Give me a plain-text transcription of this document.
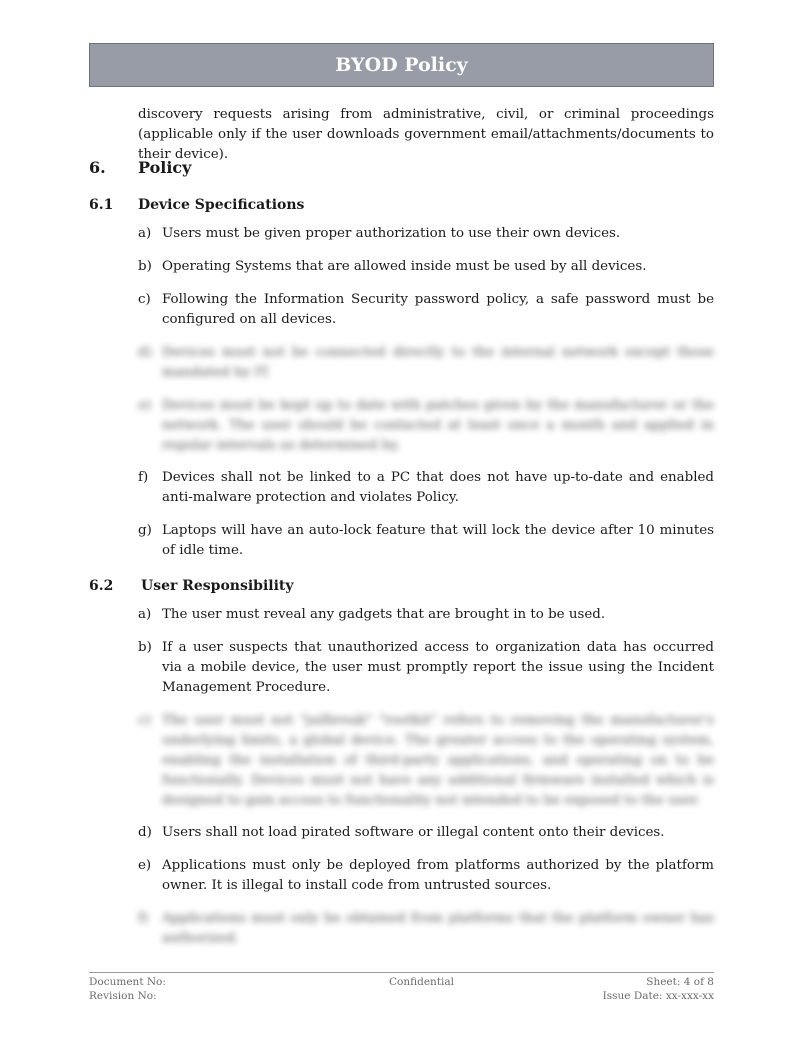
BYOD Policy
discovery requests arising from administrative, civil, or criminal proceedings (applicable only if the user downloads government email/attachments/documents to their device).
6. Policy
6.1 Device Specifications
a) Users must be given proper authorization to use their own devices.
b) Operating Systems that are allowed inside must be used by all devices.
c) Following the Information Security password policy, a safe password must be configured on all devices.
d) Devices must not be connected directly to the internal network except those mandated by IT.
e) Devices must be kept up to date with patches given by the manufacturer or the network. The user should be contacted at least once a month and applied in regular intervals as determined by.
f)	Devices shall not be linked to a PC that does not have up-to-date and enabled anti-malware protection and violates Policy.
g) Laptops will have an auto-lock feature that will lock the device after 10 minutes of idle time.
6.2 User Responsibility
a) The user must reveal any gadgets that are brought in to be used.
b) If a user suspects that unauthorized access to organization data has occurred via a mobile device, the user must promptly report the issue using the Incident Management Procedure.
c) The user must not "jailbreak" "rootkit" refers to removing the manufacturer's underlying limits, a global device. The greater access to the operating system, enabling the installation of third-party applications, and operating on to be functionally. Devices must not have any additional firmware installed which is designed to gain access to functionality not intended to be exposed to the user.
d) Users shall not load pirated software or illegal content onto their devices.
e) Applications must only be deployed from platforms authorized by the platform owner. It is illegal to install code from untrusted sources.
f)	Applications must only be obtained from platforms that the platform owner has authorized.
Document No:
Revision No:
Confidential	Sheet: 4 of 8
Issue Date: xx-xxx-xx
